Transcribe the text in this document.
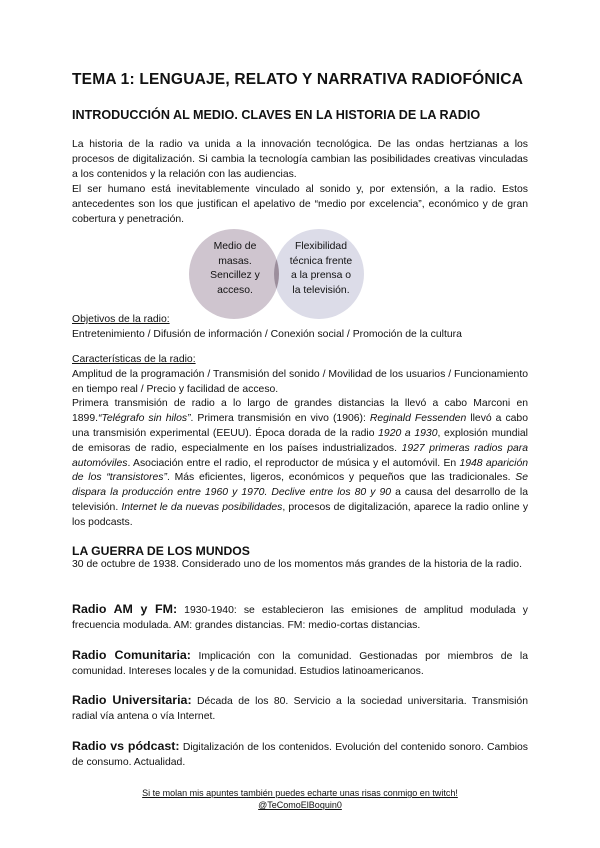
TEMA 1: LENGUAJE, RELATO Y NARRATIVA RADIOFÓNICA
INTRODUCCIÓN AL MEDIO. CLAVES EN LA HISTORIA DE LA RADIO
La historia de la radio va unida a la innovación tecnológica. De las ondas hertzianas a los procesos de digitalización. Si cambia la tecnología cambian las posibilidades creativas vinculadas a los contenidos y la relación con las audiencias.
El ser humano está inevitablemente vinculado al sonido y, por extensión, a la radio. Estos antecedentes son los que justifican el apelativo de “medio por excelencia”, económico y de gran cobertura y penetración.
Medio de masas. Sencillez y acceso.
Flexibilidad técnica frente a la prensa o la televisión.
Objetivos de la radio:
Entretenimiento / Difusión de información / Conexión social / Promoción de la cultura
Características de la radio:
Amplitud de la programación / Transmisión del sonido / Movilidad de los usuarios / Funcionamiento en tiempo real / Precio y facilidad de acceso.
Primera transmisión de radio a lo largo de grandes distancias la llevó a cabo Marconi en 1899.“Telégrafo sin hilos”. Primera transmisión en vivo (1906): Reginald Fessenden llevó a cabo una transmisión experimental (EEUU). Época dorada de la radio 1920 a 1930, explosión mundial de emisoras de radio, especialmente en los países industrializados. 1927 primeras radios para automóviles. Asociación entre el radio, el reproductor de música y el automóvil. En 1948 aparición de los “transistores”. Más eficientes, ligeros, económicos y pequeños que las tradicionales. Se dispara la producción entre 1960 y 1970. Declive entre los 80 y 90 a causa del desarrollo de la televisión. Internet le da nuevas posibilidades, procesos de digitalización, aparece la radio online y los podcasts.
LA GUERRA DE LOS MUNDOS
30 de octubre de 1938. Considerado uno de los momentos más grandes de la historia de la radio.
Radio AM y FM: 1930-1940: se establecieron las emisiones de amplitud modulada y frecuencia modulada. AM: grandes distancias. FM: medio-cortas distancias.
Radio Comunitaria: Implicación con la comunidad. Gestionadas por miembros de la comunidad. Intereses locales y de la comunidad. Estudios latinoamericanos.
Radio Universitaria: Década de los 80. Servicio a la sociedad universitaria. Transmisión radial vía antena o vía Internet.
Radio vs pódcast: Digitalización de los contenidos. Evolución del contenido sonoro. Cambios de consumo. Actualidad.
Si te molan mis apuntes también puedes echarte unas risas conmigo en twitch!
@TeComoElBoquin0
